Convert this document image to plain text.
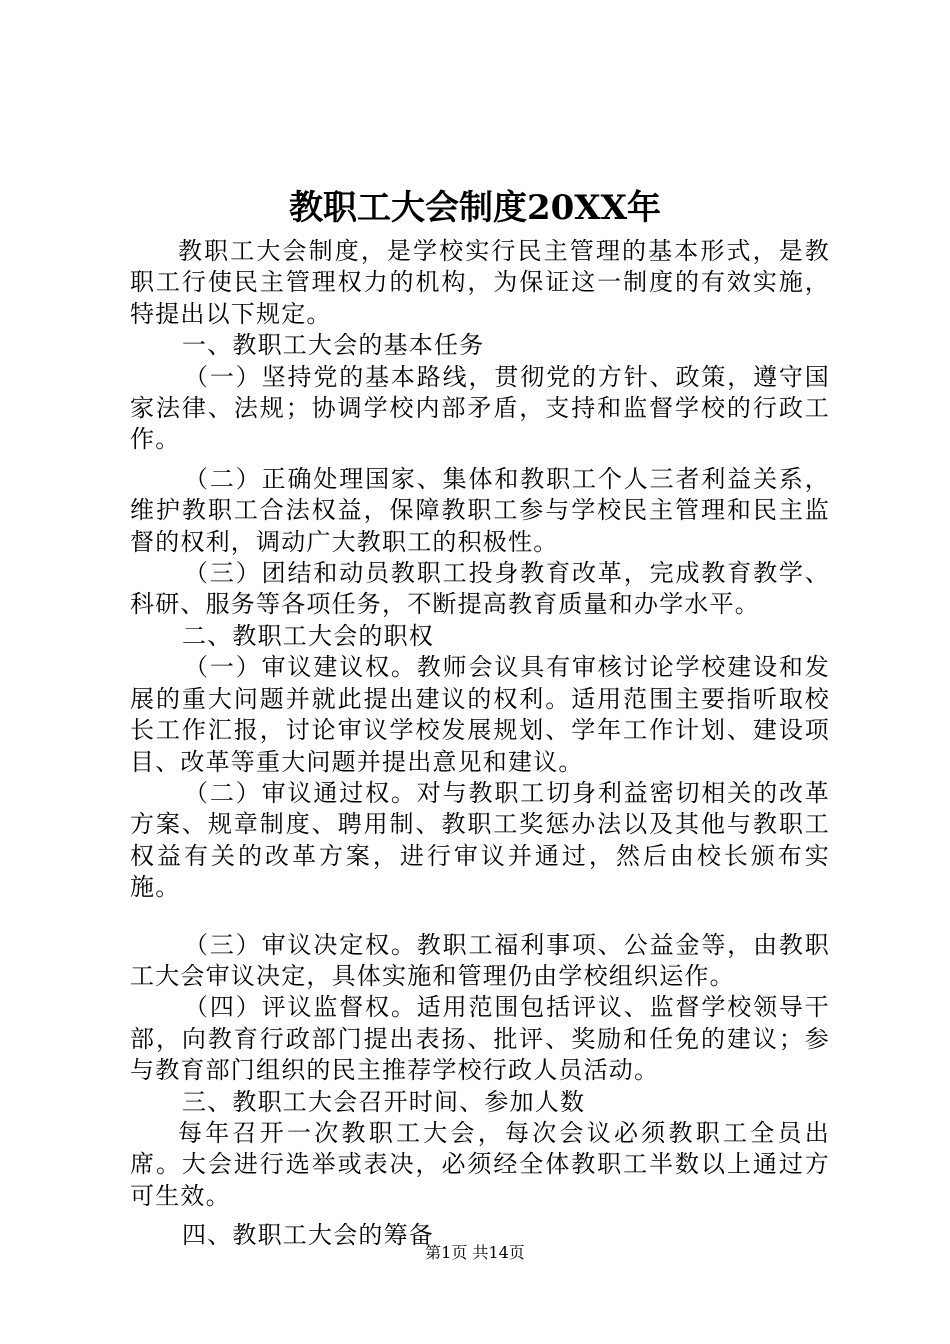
教职工大会制度20XX年

教职工大会制度，是学校实行民主管理的基本形式，是教职工行使民主管理权力的机构，为保证这一制度的有效实施，特提出以下规定。

一、教职工大会的基本任务

（一）坚持党的基本路线，贯彻党的方针、政策，遵守国家法律、法规；协调学校内部矛盾，支持和监督学校的行政工作。

（二）正确处理国家、集体和教职工个人三者利益关系，维护教职工合法权益，保障教职工参与学校民主管理和民主监督的权利，调动广大教职工的积极性。

（三）团结和动员教职工投身教育改革，完成教育教学、科研、服务等各项任务，不断提高教育质量和办学水平。

二、教职工大会的职权

（一）审议建议权。教师会议具有审核讨论学校建设和发展的重大问题并就此提出建议的权利。适用范围主要指听取校长工作汇报，讨论审议学校发展规划、学年工作计划、建设项目、改革等重大问题并提出意见和建议。

（二）审议通过权。对与教职工切身利益密切相关的改革方案、规章制度、聘用制、教职工奖惩办法以及其他与教职工权益有关的改革方案，进行审议并通过，然后由校长颁布实施。

（三）审议决定权。教职工福利事项、公益金等，由教职工大会审议决定，具体实施和管理仍由学校组织运作。

（四）评议监督权。适用范围包括评议、监督学校领导干部，向教育行政部门提出表扬、批评、奖励和任免的建议；参与教育部门组织的民主推荐学校行政人员活动。

三、教职工大会召开时间、参加人数

每年召开一次教职工大会，每次会议必须教职工全员出席。大会进行选举或表决，必须经全体教职工半数以上通过方可生效。

四、教职工大会的筹备

第1页 共14页
